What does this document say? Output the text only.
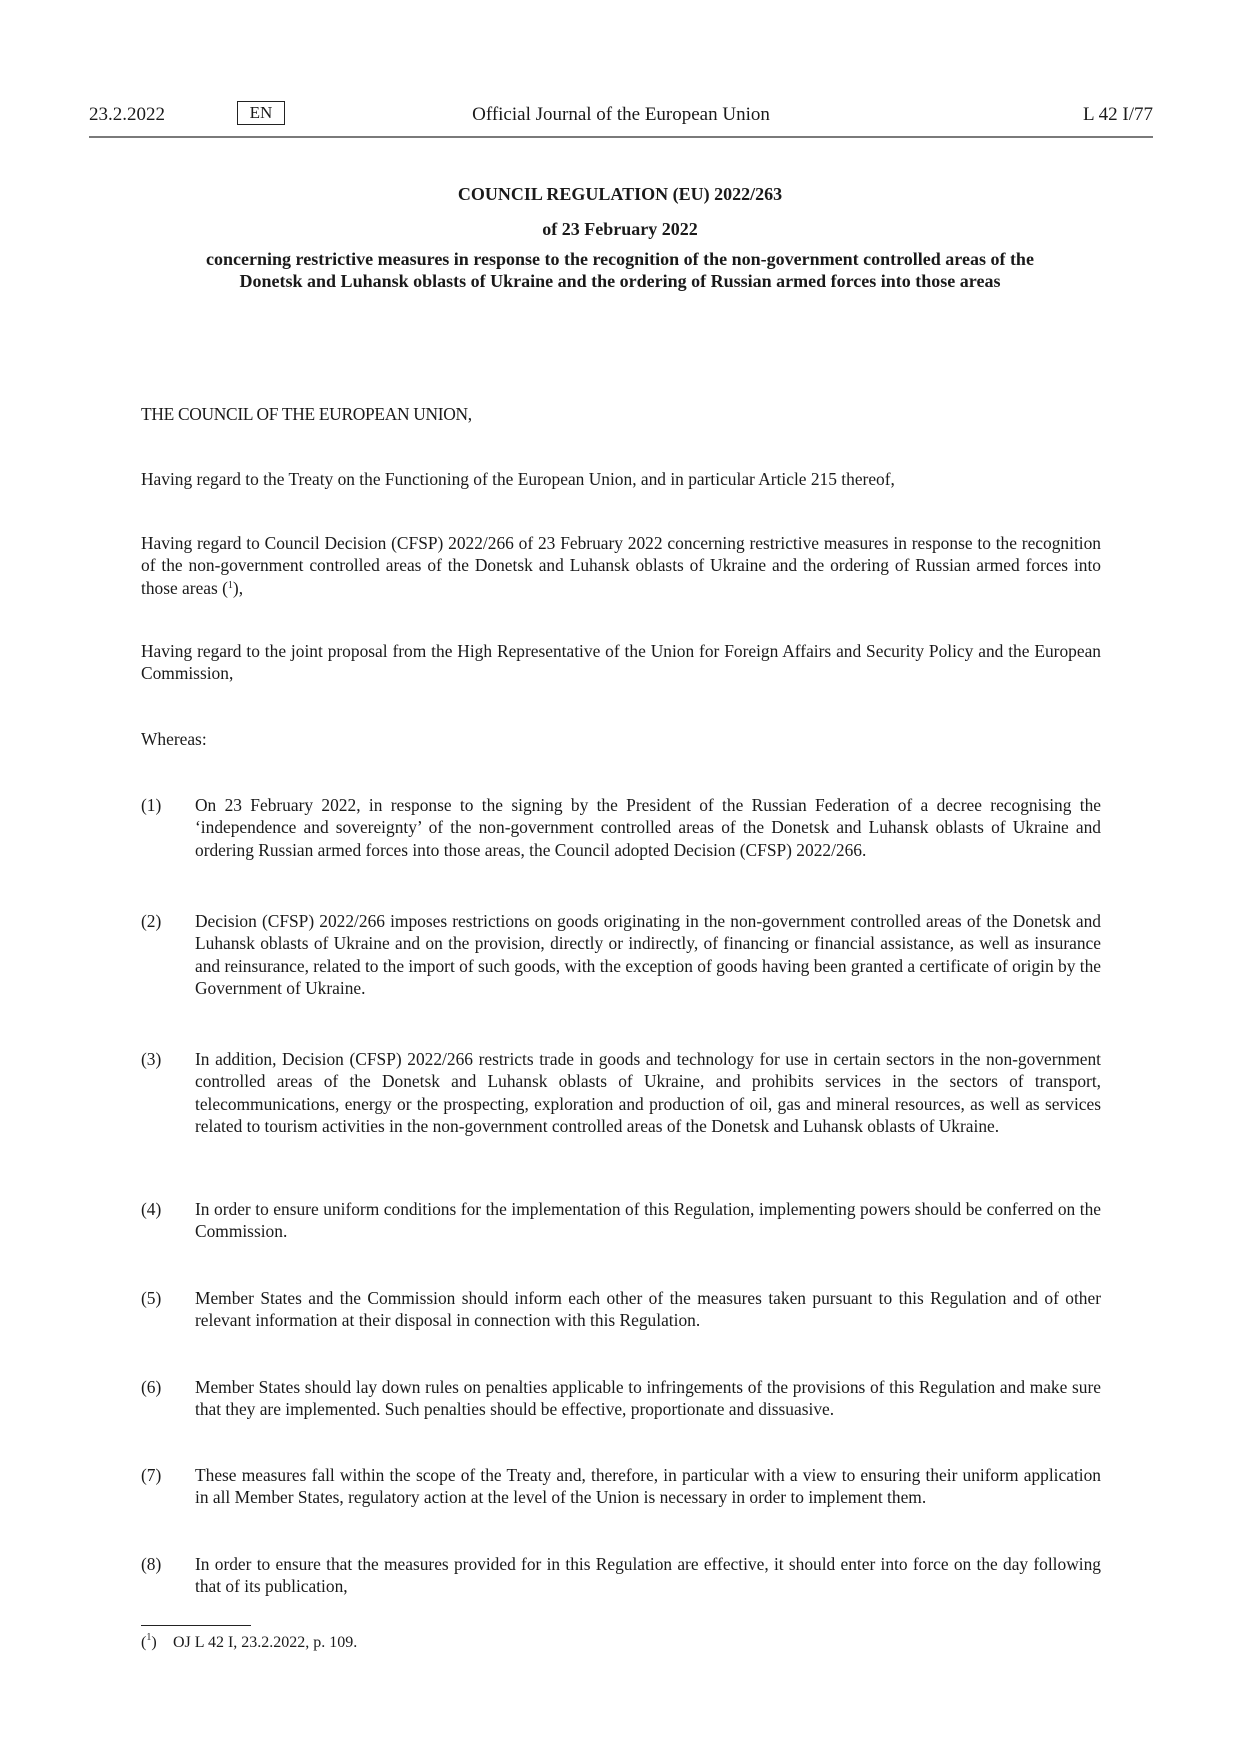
Official Journal of the European Union
23.2.2022	EN	L 42 I/77

COUNCIL REGULATION (EU) 2022/263

of 23 February 2022

concerning restrictive measures in response to the recognition of the non-government controlled areas of the Donetsk and Luhansk oblasts of Ukraine and the ordering of Russian armed forces into those areas

THE COUNCIL OF THE EUROPEAN UNION,

Having regard to the Treaty on the Functioning of the European Union, and in particular Article 215 thereof,

Having regard to Council Decision (CFSP) 2022/266 of 23 February 2022 concerning restrictive measures in response to the recognition of the non-government controlled areas of the Donetsk and Luhansk oblasts of Ukraine and the ordering of Russian armed forces into those areas ($^1$),

Having regard to the joint proposal from the High Representative of the Union for Foreign Affairs and Security Policy and the European Commission,

Whereas:

(1)	On 23 February 2022, in response to the signing by the President of the Russian Federation of a decree recognising the ‘independence and sovereignty’ of the non-government controlled areas of the Donetsk and Luhansk oblasts of Ukraine and ordering Russian armed forces into those areas, the Council adopted Decision (CFSP) 2022/266.

(2)	Decision (CFSP) 2022/266 imposes restrictions on goods originating in the non-government controlled areas of the Donetsk and Luhansk oblasts of Ukraine and on the provision, directly or indirectly, of financing or financial assistance, as well as insurance and reinsurance, related to the import of such goods, with the exception of goods having been granted a certificate of origin by the Government of Ukraine.

(3)	In addition, Decision (CFSP) 2022/266 restricts trade in goods and technology for use in certain sectors in the non-government controlled areas of the Donetsk and Luhansk oblasts of Ukraine, and prohibits services in the sectors of transport, telecommunications, energy or the prospecting, exploration and production of oil, gas and mineral resources, as well as services related to tourism activities in the non-government controlled areas of the Donetsk and Luhansk oblasts of Ukraine.

(4)	In order to ensure uniform conditions for the implementation of this Regulation, implementing powers should be conferred on the Commission.

(5)	Member States and the Commission should inform each other of the measures taken pursuant to this Regulation and of other relevant information at their disposal in connection with this Regulation.

(6)	Member States should lay down rules on penalties applicable to infringements of the provisions of this Regulation and make sure that they are implemented. Such penalties should be effective, proportionate and dissuasive.

(7)	These measures fall within the scope of the Treaty and, therefore, in particular with a view to ensuring their uniform application in all Member States, regulatory action at the level of the Union is necessary in order to implement them.

(8)	In order to ensure that the measures provided for in this Regulation are effective, it should enter into force on the day following that of its publication,

($^1$) OJ L 42 I, 23.2.2022, p. 109.
